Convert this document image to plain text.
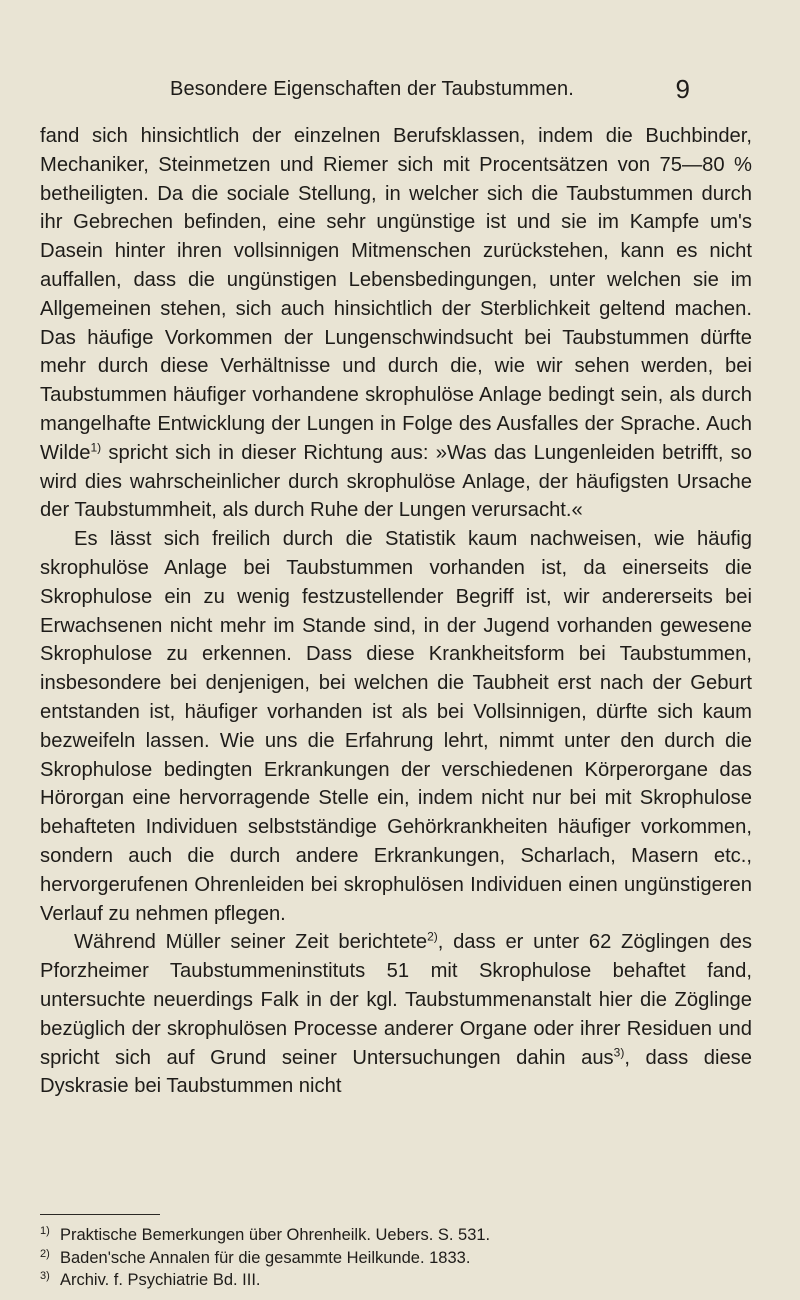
Besondere Eigenschaften der Taubstummen.	9

fand sich hinsichtlich der einzelnen Berufsklassen, indem die Buchbinder, Mechaniker, Steinmetzen und Riemer sich mit Procentsätzen von 75—80 % betheiligten. Da die sociale Stellung, in welcher sich die Taubstummen durch ihr Gebrechen befinden, eine sehr ungünstige ist und sie im Kampfe um's Dasein hinter ihren vollsinnigen Mitmenschen zurückstehen, kann es nicht auffallen, dass die ungünstigen Lebensbedingungen, unter welchen sie im Allgemeinen stehen, sich auch hinsichtlich der Sterblichkeit geltend machen. Das häufige Vorkommen der Lungenschwindsucht bei Taubstummen dürfte mehr durch diese Verhältnisse und durch die, wie wir sehen werden, bei Taubstummen häufiger vorhandene skrophulöse Anlage bedingt sein, als durch mangelhafte Entwicklung der Lungen in Folge des Ausfalles der Sprache. Auch Wilde$^{1)}$ spricht sich in dieser Richtung aus: »Was das Lungenleiden betrifft, so wird dies wahrscheinlicher durch skrophulöse Anlage, der häufigsten Ursache der Taubstummheit, als durch Ruhe der Lungen verursacht.«

Es lässt sich freilich durch die Statistik kaum nachweisen, wie häufig skrophulöse Anlage bei Taubstummen vorhanden ist, da einerseits die Skrophulose ein zu wenig festzustellender Begriff ist, wir andererseits bei Erwachsenen nicht mehr im Stande sind, in der Jugend vorhanden gewesene Skrophulose zu erkennen. Dass diese Krankheitsform bei Taubstummen, insbesondere bei denjenigen, bei welchen die Taubheit erst nach der Geburt entstanden ist, häufiger vorhanden ist als bei Vollsinnigen, dürfte sich kaum bezweifeln lassen. Wie uns die Erfahrung lehrt, nimmt unter den durch die Skrophulose bedingten Erkrankungen der verschiedenen Körperorgane das Hörorgan eine hervorragende Stelle ein, indem nicht nur bei mit Skrophulose behafteten Individuen selbstständige Gehörkrankheiten häufiger vorkommen, sondern auch die durch andere Erkrankungen, Scharlach, Masern etc., hervorgerufenen Ohrenleiden bei skrophulösen Individuen einen ungünstigeren Verlauf zu nehmen pflegen.

Während Müller seiner Zeit berichtete$^{2)}$, dass er unter 62 Zöglingen des Pforzheimer Taubstummeninstituts 51 mit Skrophulose behaftet fand, untersuchte neuerdings Falk in der kgl. Taubstummenanstalt hier die Zöglinge bezüglich der skrophulösen Processe anderer Organe oder ihrer Residuen und spricht sich auf Grund seiner Untersuchungen dahin aus$^{3)}$, dass diese Dyskrasie bei Taubstummen nicht

1) Praktische Bemerkungen über Ohrenheilk. Uebers. S. 531.
2) Baden'sche Annalen für die gesammte Heilkunde. 1833.
3) Archiv. f. Psychiatrie Bd. III.
